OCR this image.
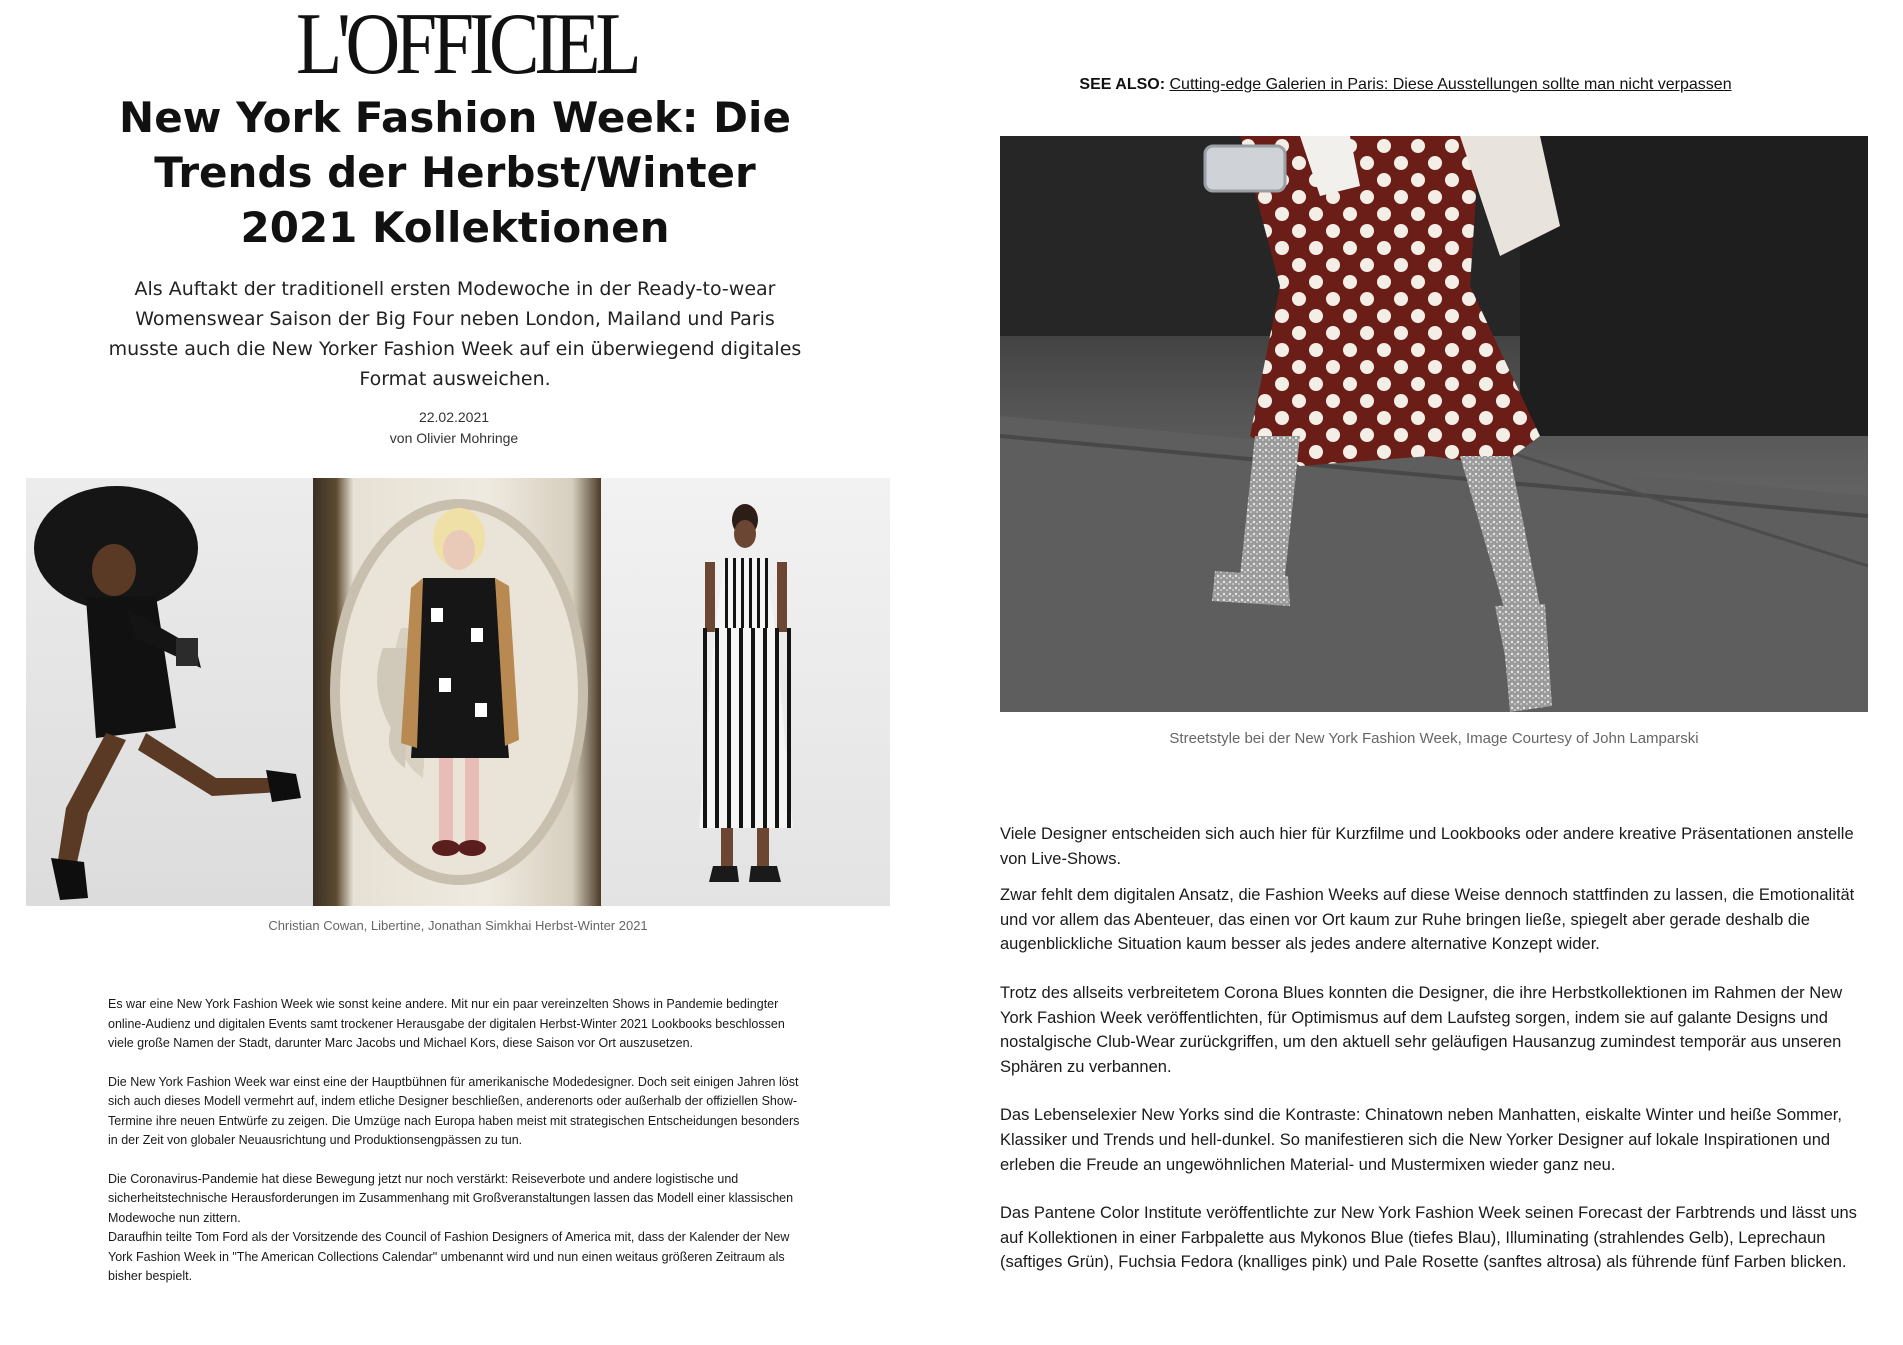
L'OFFICIEL
New York Fashion Week: Die Trends der Herbst/Winter 2021 Kollektionen

Als Auftakt der traditionell ersten Modewoche in der Ready-to-wear Womenswear Saison der Big Four neben London, Mailand und Paris musste auch die New Yorker Fashion Week auf ein überwiegend digitales Format ausweichen.

22.02.2021
von Olivier Mohringe
Christian Cowan, Libertine, Jonathan Simkhai Herbst-Winter 2021

Es war eine New York Fashion Week wie sonst keine andere. Mit nur ein paar vereinzelten Shows in Pandemie bedingter online-Audienz und digitalen Events samt trockener Herausgabe der digitalen Herbst-Winter 2021 Lookbooks beschlossen viele große Namen der Stadt, darunter Marc Jacobs und Michael Kors, diese Saison vor Ort auszusetzen.

Die New York Fashion Week war einst eine der Hauptbühnen für amerikanische Modedesigner. Doch seit einigen Jahren löst sich auch dieses Modell vermehrt auf, indem etliche Designer beschließen, anderenorts oder außerhalb der offiziellen Show-Termine ihre neuen Entwürfe zu zeigen. Die Umzüge nach Europa haben meist mit strategischen Entscheidungen besonders in der Zeit von globaler Neuausrichtung und Produktionsengpässen zu tun.

Die Coronavirus-Pandemie hat diese Bewegung jetzt nur noch verstärkt: Reiseverbote und andere logistische und sicherheitstechnische Herausforderungen im Zusammenhang mit Großveranstaltungen lassen das Modell einer klassischen Modewoche nun zittern.

Daraufhin teilte Tom Ford als der Vorsitzende des Council of Fashion Designers of America mit, dass der Kalender der New York Fashion Week in "The American Collections Calendar" umbenannt wird und nun einen weitaus größeren Zeitraum als bisher bespielt.

SEE ALSO: Cutting-edge Galerien in Paris: Diese Ausstellungen sollte man nicht verpassen
Streetstyle bei der New York Fashion Week, Image Courtesy of John Lamparski

Viele Designer entscheiden sich auch hier für Kurzfilme und Lookbooks oder andere kreative Präsentationen anstelle von Live-Shows.

Zwar fehlt dem digitalen Ansatz, die Fashion Weeks auf diese Weise dennoch stattfinden zu lassen, die Emotionalität und vor allem das Abenteuer, das einen vor Ort kaum zur Ruhe bringen ließe, spiegelt aber gerade deshalb die augenblickliche Situation kaum besser als jedes andere alternative Konzept wider.

Trotz des allseits verbreitetem Corona Blues konnten die Designer, die ihre Herbstkollektionen im Rahmen der New York Fashion Week veröffentlichten, für Optimismus auf dem Laufsteg sorgen, indem sie auf galante Designs und nostalgische Club-Wear zurückgriffen, um den aktuell sehr geläufigen Hausanzug zumindest temporär aus unseren Sphären zu verbannen.

Das Lebenselexier New Yorks sind die Kontraste: Chinatown neben Manhatten, eiskalte Winter und heiße Sommer, Klassiker und Trends und hell-dunkel. So manifestieren sich die New Yorker Designer auf lokale Inspirationen und erleben die Freude an ungewöhnlichen Material- und Mustermixen wieder ganz neu.

Das Pantene Color Institute veröffentlichte zur New York Fashion Week seinen Forecast der Farbtrends und lässt uns auf Kollektionen in einer Farbpalette aus Mykonos Blue (tiefes Blau), Illuminating (strahlendes Gelb), Leprechaun (saftiges Grün), Fuchsia Fedora (knalliges pink) und Pale Rosette (sanftes altrosa) als führende fünf Farben blicken.
